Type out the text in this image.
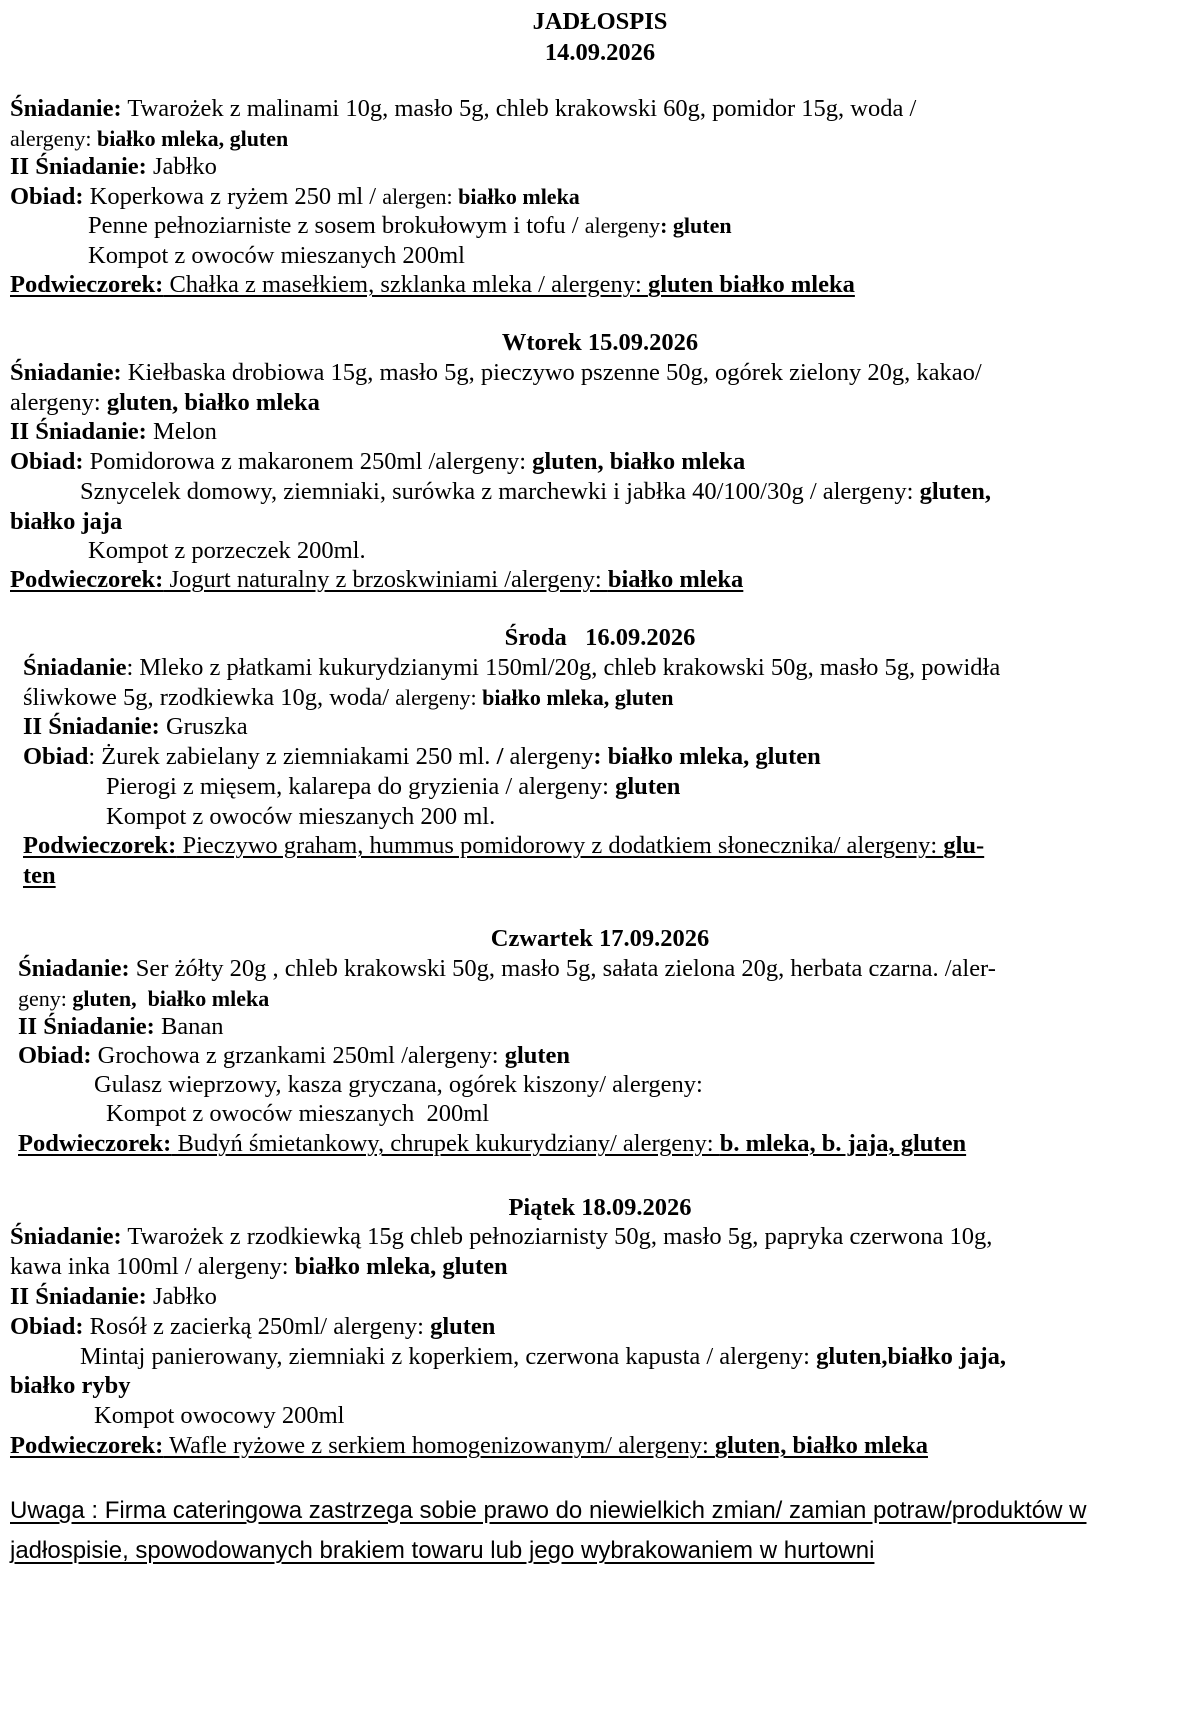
JADŁOSPIS
14.09.2026
Śniadanie: Twarożek z malinami 10g, masło 5g, chleb krakowski 60g, pomidor 15g, woda /
alergeny: białko mleka, gluten
II Śniadanie: Jabłko
Obiad: Koperkowa z ryżem 250 ml / alergen: białko mleka
Penne pełnoziarniste z sosem brokułowym i tofu / alergeny: gluten
Kompot z owoców mieszanych 200ml
Podwieczorek: Chałka z masełkiem, szklanka mleka / alergeny: gluten białko mleka
Wtorek 15.09.2026
Śniadanie: Kiełbaska drobiowa 15g, masło 5g, pieczywo pszenne 50g, ogórek zielony 20g, kakao/
alergeny: gluten, białko mleka
II Śniadanie: Melon
Obiad: Pomidorowa z makaronem 250ml /alergeny: gluten, białko mleka
Sznycelek domowy, ziemniaki, surówka z marchewki i jabłka 40/100/30g / alergeny: gluten,
białko jaja
Kompot z porzeczek 200ml.
Podwieczorek: Jogurt naturalny z brzoskwiniami /alergeny: białko mleka
Środa   16.09.2026
Śniadanie: Mleko z płatkami kukurydzianymi 150ml/20g, chleb krakowski 50g, masło 5g, powidła
śliwkowe 5g, rzodkiewka 10g, woda/ alergeny: białko mleka, gluten
II Śniadanie: Gruszka
Obiad: Żurek zabielany z ziemniakami 250 ml. / alergeny: białko mleka, gluten
Pierogi z mięsem, kalarepa do gryzienia / alergeny: gluten
Kompot z owoców mieszanych 200 ml.
Podwieczorek: Pieczywo graham, hummus pomidorowy z dodatkiem słonecznika/ alergeny: glu-
ten
Czwartek 17.09.2026
Śniadanie: Ser żółty 20g , chleb krakowski 50g, masło 5g, sałata zielona 20g, herbata czarna. /aler-
geny: gluten,  białko mleka
II Śniadanie: Banan
Obiad: Grochowa z grzankami 250ml /alergeny: gluten
Gulasz wieprzowy, kasza gryczana, ogórek kiszony/ alergeny:
Kompot z owoców mieszanych  200ml
Podwieczorek: Budyń śmietankowy, chrupek kukurydziany/ alergeny: b. mleka, b. jaja, gluten
Piątek 18.09.2026
Śniadanie: Twarożek z rzodkiewką 15g chleb pełnoziarnisty 50g, masło 5g, papryka czerwona 10g,
kawa inka 100ml / alergeny: białko mleka, gluten
II Śniadanie: Jabłko
Obiad: Rosół z zacierką 250ml/ alergeny: gluten
Mintaj panierowany, ziemniaki z koperkiem, czerwona kapusta / alergeny: gluten,białko jaja,
białko ryby
Kompot owocowy 200ml
Podwieczorek: Wafle ryżowe z serkiem homogenizowanym/ alergeny: gluten, białko mleka
Uwaga : Firma cateringowa zastrzega sobie prawo do niewielkich zmian/ zamian potraw/produktów w
jadłospisie, spowodowanych brakiem towaru lub jego wybrakowaniem w hurtowni
